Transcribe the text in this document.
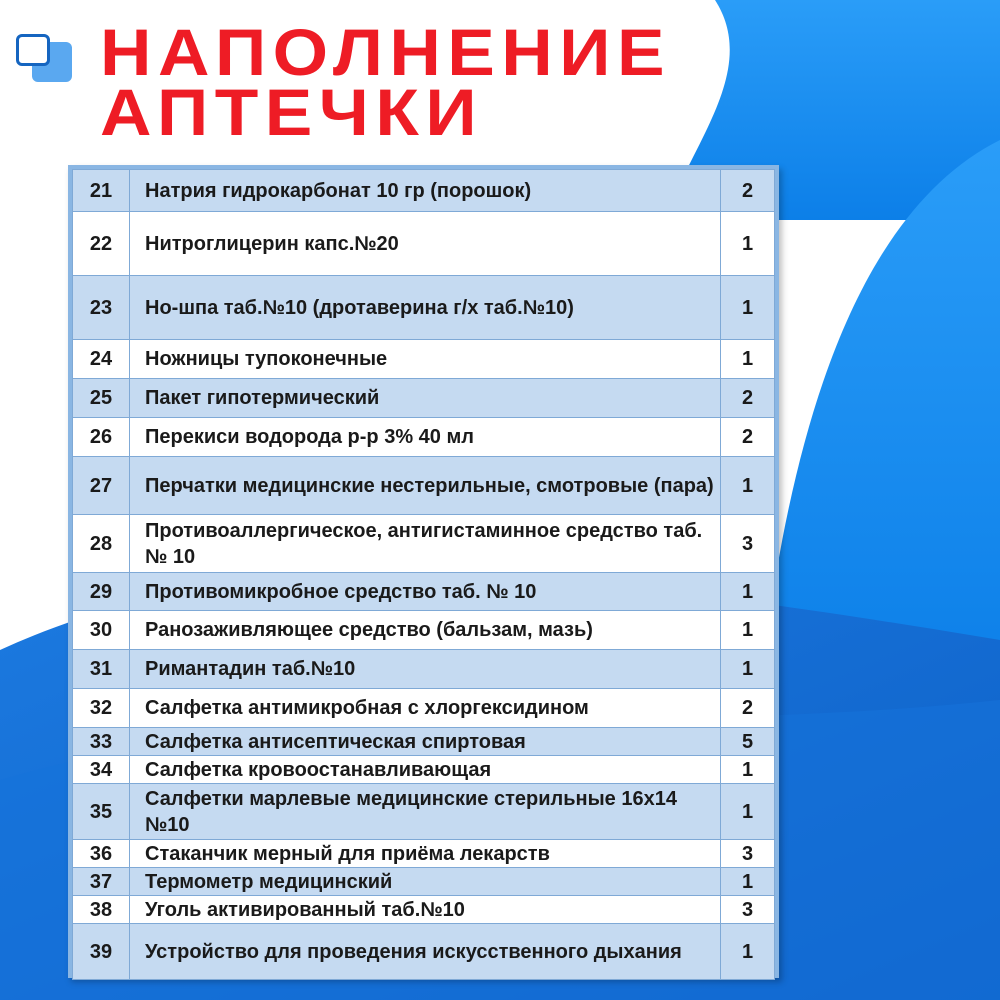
НАПОЛНЕНИЕ
АПТЕЧКИ
21	Натрия гидрокарбонат 10 гр (порошок)	2
22	Нитроглицерин капс.№20	1
23	Но-шпа таб.№10 (дротаверина г/х таб.№10)	1
24	Ножницы тупоконечные	1
25	Пакет гипотермический	2
26	Перекиси водорода р-р 3% 40 мл	2
27	Перчатки медицинские нестерильные, смотровые (пара)	1
28	Противоаллергическое, антигистаминное средство таб. № 10	3
29	Противомикробное средство таб. № 10	1
30	Ранозаживляющее средство (бальзам, мазь)	1
31	Римантадин таб.№10	1
32	Салфетка антимикробная с хлоргексидином	2
33	Салфетка антисептическая спиртовая	5
34	Салфетка кровоостанавливающая	1
35	Салфетки марлевые медицинские стерильные 16х14 №10	1
36	Стаканчик мерный для приёма лекарств	3
37	Термометр медицинский	1
38	Уголь активированный таб.№10	3
39	Устройство для проведения искусственного дыхания	1
